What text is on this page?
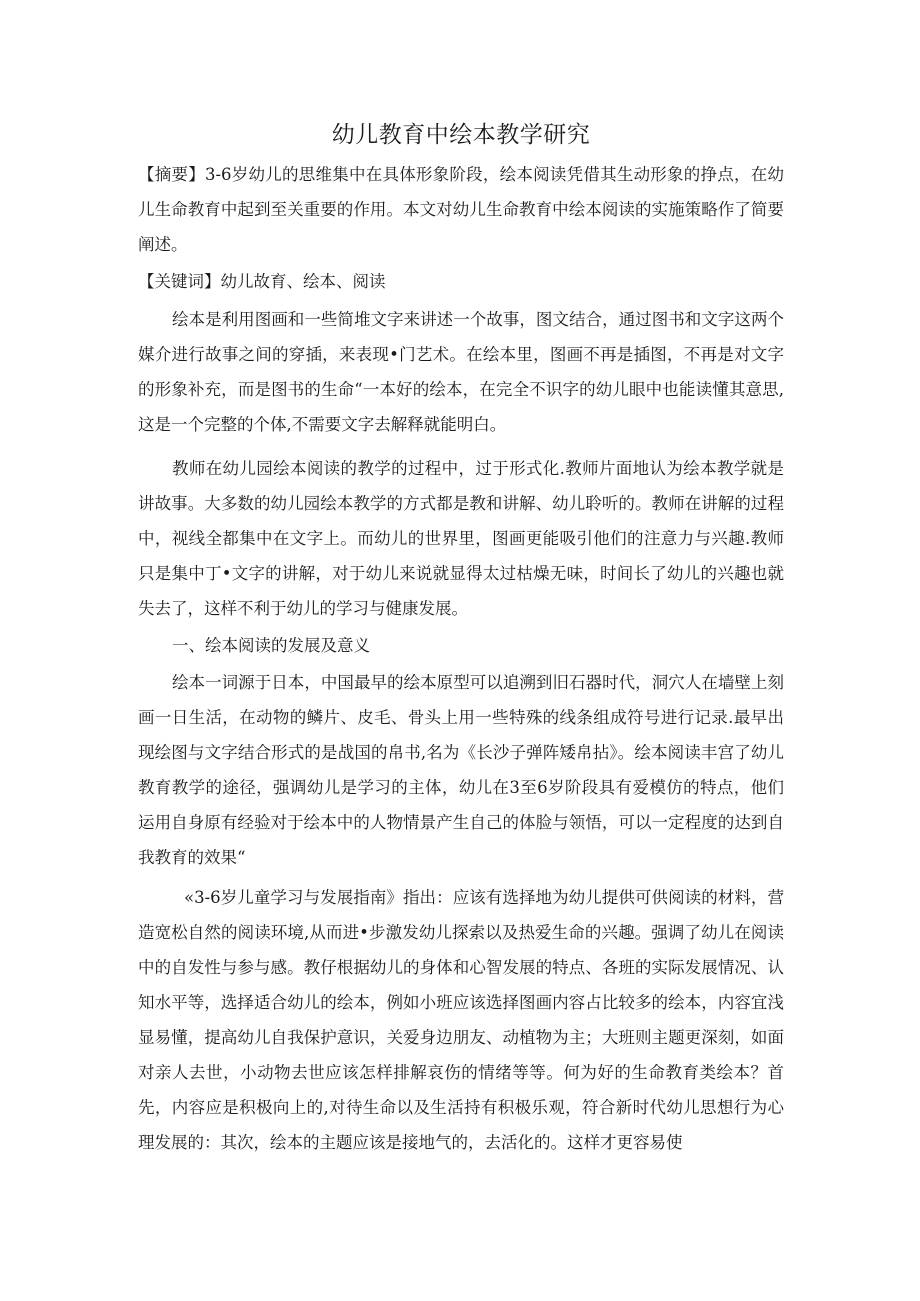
幼儿教育中绘本教学研究

【摘要】3-6岁幼儿的思维集中在具体形象阶段，绘本阅读凭借其生动形象的挣点，在幼儿生命教育中起到至关重要的作用。本文对幼儿生命教育中绘本阅读的实施策略作了简要阐述。

【关键词】幼儿故育、绘本、阅读

绘本是利用图画和一些简堆文字来讲述一个故事，图文结合，通过图书和文字这两个媒介进行故事之间的穿插，来表现•门艺术。在绘本里，图画不再是插图，不再是对文字的形象补充，而是图书的生命“一本好的绘本，在完全不识字的幼儿眼中也能读懂其意思,这是一个完整的个体,不需要文字去解释就能明白。

教师在幼儿园绘本阅读的教学的过程中，过于形式化.教师片面地认为绘本教学就是讲故事。大多数的幼儿园绘本教学的方式都是教和讲解、幼儿聆听的。教师在讲解的过程中，视线全都集中在文字上。而幼儿的世界里，图画更能吸引他们的注意力与兴趣.教师只是集中丁•文字的讲解，对于幼儿来说就显得太过枯燥无味，时间长了幼儿的兴趣也就失去了，这样不利于幼儿的学习与健康发展。

一、绘本阅读的发展及意义

绘本一词源于日本，中国最早的绘本原型可以追溯到旧石器时代，洞穴人在墙壁上刻画一日生活，在动物的鳞片、皮毛、骨头上用一些特殊的线条组成符号进行记录.最早出现绘图与文字结合形式的是战国的帛书,名为《长沙子弹阵矮帛拈》。绘本阅读丰宫了幼儿教育教学的途径，强调幼儿是学习的主体，幼儿在3至6岁阶段具有爱模仿的特点，他们运用自身原有经验对于绘本中的人物情景产生自己的体脸与领悟，可以一定程度的达到自我教育的效果“

«3-6岁儿童学习与发展指南》指出：应该有选择地为幼儿提供可供阅读的材料，营造宽松自然的阅读环境,从而进•步激发幼儿探索以及热爱生命的兴趣。强调了幼儿在阅读中的自发性与参与感。教仔根据幼儿的身体和心智发展的特点、各班的实际发展情况、认知水平等，选择适合幼儿的绘本，例如小班应该选择图画内容占比较多的绘本，内容宜浅显易懂，提高幼儿自我保护意识，关爱身边朋友、动植物为主；大班则主题更深刻，如面对亲人去世，小动物去世应该怎样排解哀伤的情绪等等。何为好的生命教育类绘本？首先，内容应是积极向上的,对待生命以及生活持有积极乐观，符合新时代幼儿思想行为心理发展的：其次，绘本的主题应该是接地气的，去活化的。这样才更容易使
